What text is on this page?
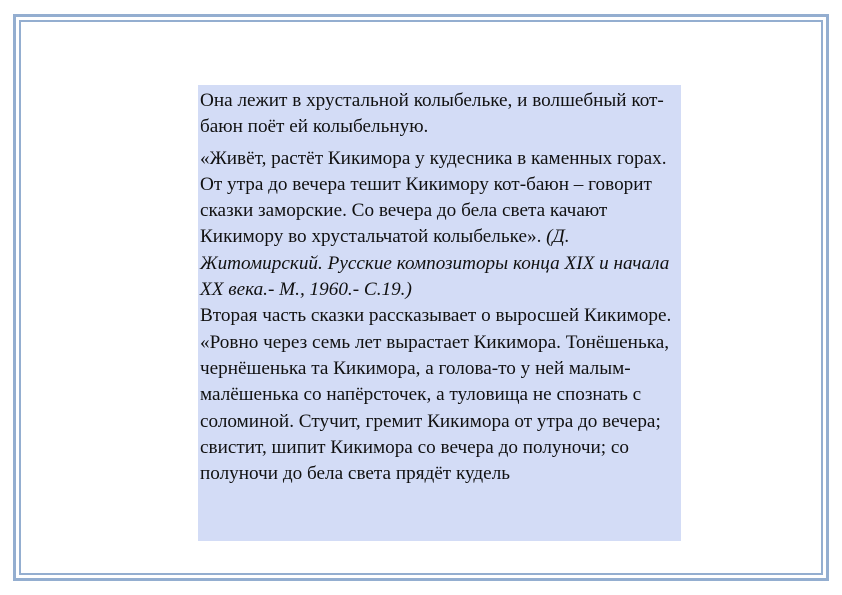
Она лежит в хрустальной колыбельке, и волшебный кот-баюн поёт ей колыбельную.

«Живёт, растёт Кикимора у кудесника в каменных горах. От утра до вечера тешит Кикимору кот-баюн – говорит сказки заморские. Со вечера до бела света качают Кикимору во хрустальчатой колыбельке». (Д. Житомирский. Русские композиторы конца XIX и начала XX века.- М., 1960.- С.19.)

Вторая часть сказки рассказывает о выросшей Кикиморе. «Ровно через семь лет вырастает Кикимора. Тонёшенька, чернёшенька та Кикимора, а голова-то у ней малым-малёшенька со напёрсточек, а туловища не спознать с соломиной. Стучит, гремит Кикимора от утра до вечера; свистит, шипит Кикимора со вечера до полуночи; со полуночи до бела света прядёт кудель
